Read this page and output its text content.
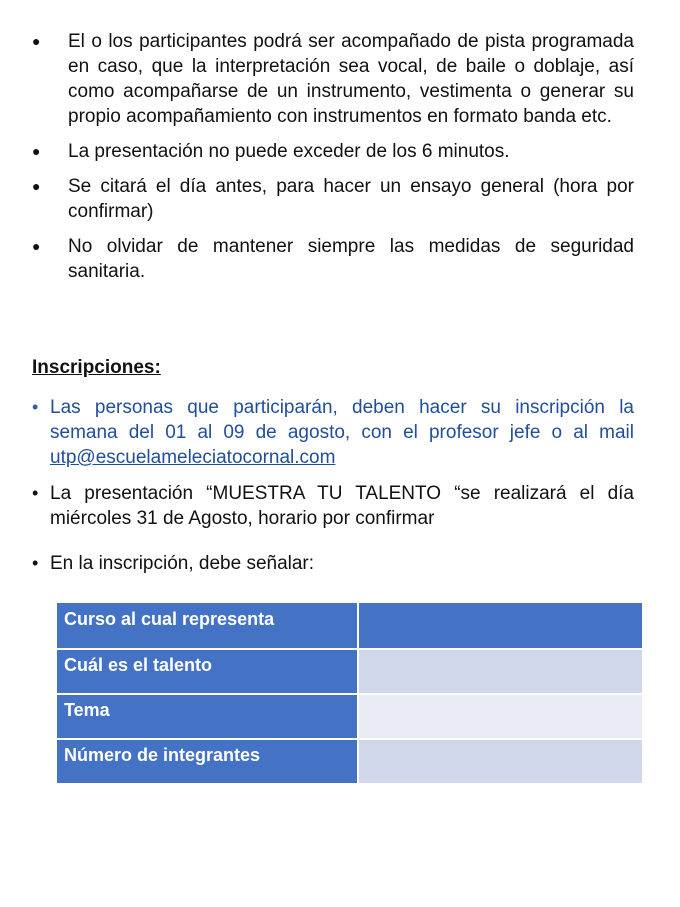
●	El o los participantes podrá ser acompañado de pista programada en caso, que la interpretación sea vocal, de baile o doblaje, así como acompañarse de un instrumento, vestimenta o generar su propio acompañamiento con instrumentos en formato banda etc.
●	La presentación no puede exceder de los 6 minutos.
●	Se citará el día antes, para hacer un ensayo general (hora por confirmar)
●	No olvidar de mantener siempre las medidas de seguridad sanitaria.
Inscripciones:
• Las personas que participarán, deben hacer su inscripción la semana del 01 al 09 de agosto, con el profesor jefe o al mail utp@escuelameleciatocornal.com
• La presentación “MUESTRA TU TALENTO “se realizará el día miércoles 31 de Agosto, horario por confirmar
• En la inscripción, debe señalar:
Curso al cual representa	
Cuál es el talento	
Tema	
Número de integrantes	
